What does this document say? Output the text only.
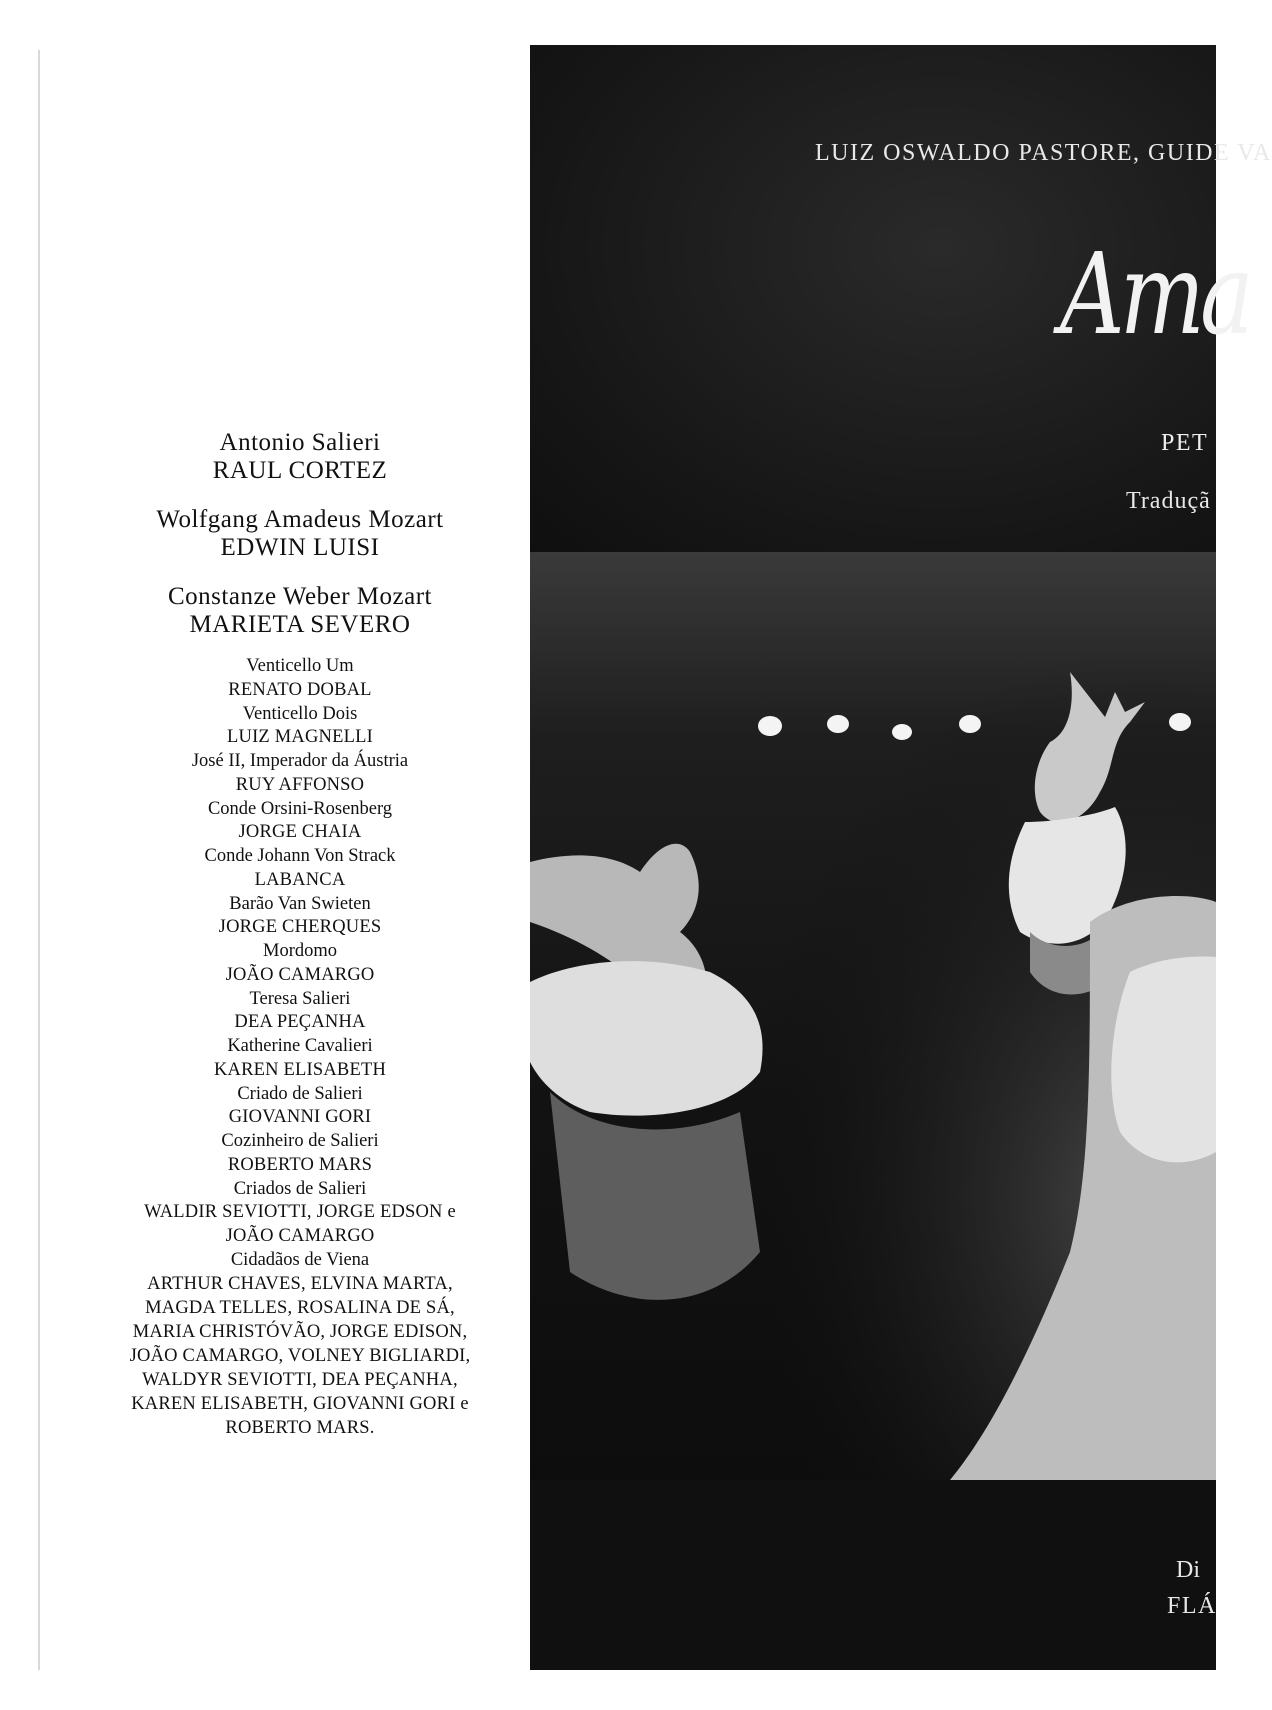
Antonio Salieri
RAUL CORTEZ
Wolfgang Amadeus Mozart
EDWIN LUISI
Constanze Weber Mozart
MARIETA SEVERO
Venticello Um
RENATO DOBAL
Venticello Dois
LUIZ MAGNELLI
José II, Imperador da Áustria
RUY AFFONSO
Conde Orsini-Rosenberg
JORGE CHAIA
Conde Johann Von Strack
LABANCA
Barão Van Swieten
JORGE CHERQUES
Mordomo
JOÃO CAMARGO
Teresa Salieri
DEA PEÇANHA
Katherine Cavalieri
KAREN ELISABETH
Criado de Salieri
GIOVANNI GORI
Cozinheiro de Salieri
ROBERTO MARS
Criados de Salieri
WALDIR SEVIOTTI, JORGE EDSON e
JOÃO CAMARGO
Cidadãos de Viena
ARTHUR CHAVES, ELVINA MARTA,
MAGDA TELLES, ROSALINA DE SÁ,
MARIA CHRISTÓVÃO, JORGE EDISON,
JOÃO CAMARGO, VOLNEY BIGLIARDI,
WALDYR SEVIOTTI, DEA PEÇANHA,
KAREN ELISABETH, GIOVANNI GORI e
ROBERTO MARS.
LUIZ OSWALDO PASTORE, GUIDE VA
Ama
PET
Traduçã
Di
FLÁ
